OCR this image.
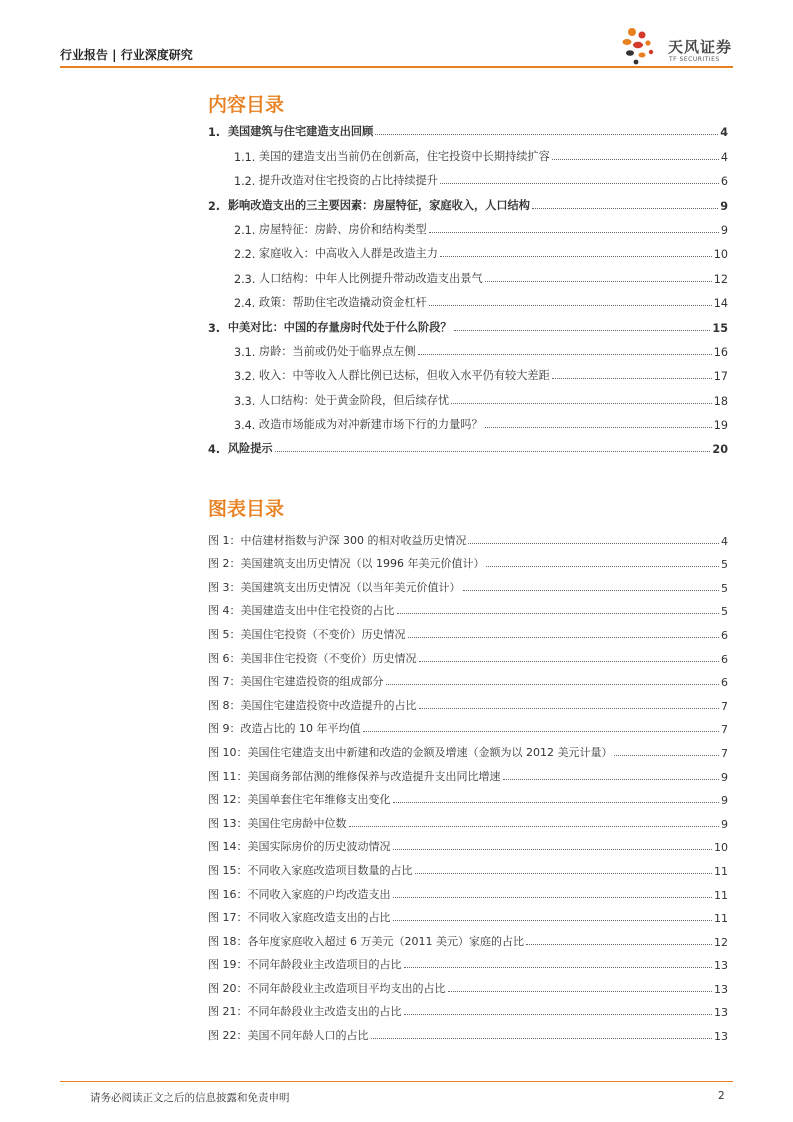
行业报告 | 行业深度研究	天风证券
TF SECURITIES
内容目录
1. 美国建筑与住宅建造支出回顾	4
1.1. 美国的建造支出当前仍在创新高，住宅投资中长期持续扩容	4
1.2. 提升改造对住宅投资的占比持续提升	6
2. 影响改造支出的三主要因素：房屋特征，家庭收入，人口结构	9
2.1. 房屋特征：房龄、房价和结构类型	9
2.2. 家庭收入：中高收入人群是改造主力	10
2.3. 人口结构：中年人比例提升带动改造支出景气	12
2.4. 政策：帮助住宅改造撬动资金杠杆	14
3. 中美对比：中国的存量房时代处于什么阶段？	15
3.1. 房龄：当前或仍处于临界点左侧	16
3.2. 收入：中等收入人群比例已达标，但收入水平仍有较大差距	17
3.3. 人口结构：处于黄金阶段，但后续存忧	18
3.4. 改造市场能成为对冲新建市场下行的力量吗？	19
4. 风险提示	20
图表目录
图 1：中信建材指数与沪深 300 的相对收益历史情况	4
图 2：美国建筑支出历史情况（以 1996 年美元价值计）	5
图 3：美国建筑支出历史情况（以当年美元价值计）	5
图 4：美国建造支出中住宅投资的占比	5
图 5：美国住宅投资（不变价）历史情况	6
图 6：美国非住宅投资（不变价）历史情况	6
图 7：美国住宅建造投资的组成部分	6
图 8：美国住宅建造投资中改造提升的占比	7
图 9：改造占比的 10 年平均值	7
图 10：美国住宅建造支出中新建和改造的金额及增速（金额为以 2012 美元计量）	7
图 11：美国商务部估测的维修保养与改造提升支出同比增速	9
图 12：美国单套住宅年维修支出变化	9
图 13：美国住宅房龄中位数	9
图 14：美国实际房价的历史波动情况	10
图 15：不同收入家庭改造项目数量的占比	11
图 16：不同收入家庭的户均改造支出	11
图 17：不同收入家庭改造支出的占比	11
图 18：各年度家庭收入超过 6 万美元（2011 美元）家庭的占比	12
图 19：不同年龄段业主改造项目的占比	13
图 20：不同年龄段业主改造项目平均支出的占比	13
图 21：不同年龄段业主改造支出的占比	13
图 22：美国不同年龄人口的占比	13
请务必阅读正文之后的信息披露和免责申明	2
